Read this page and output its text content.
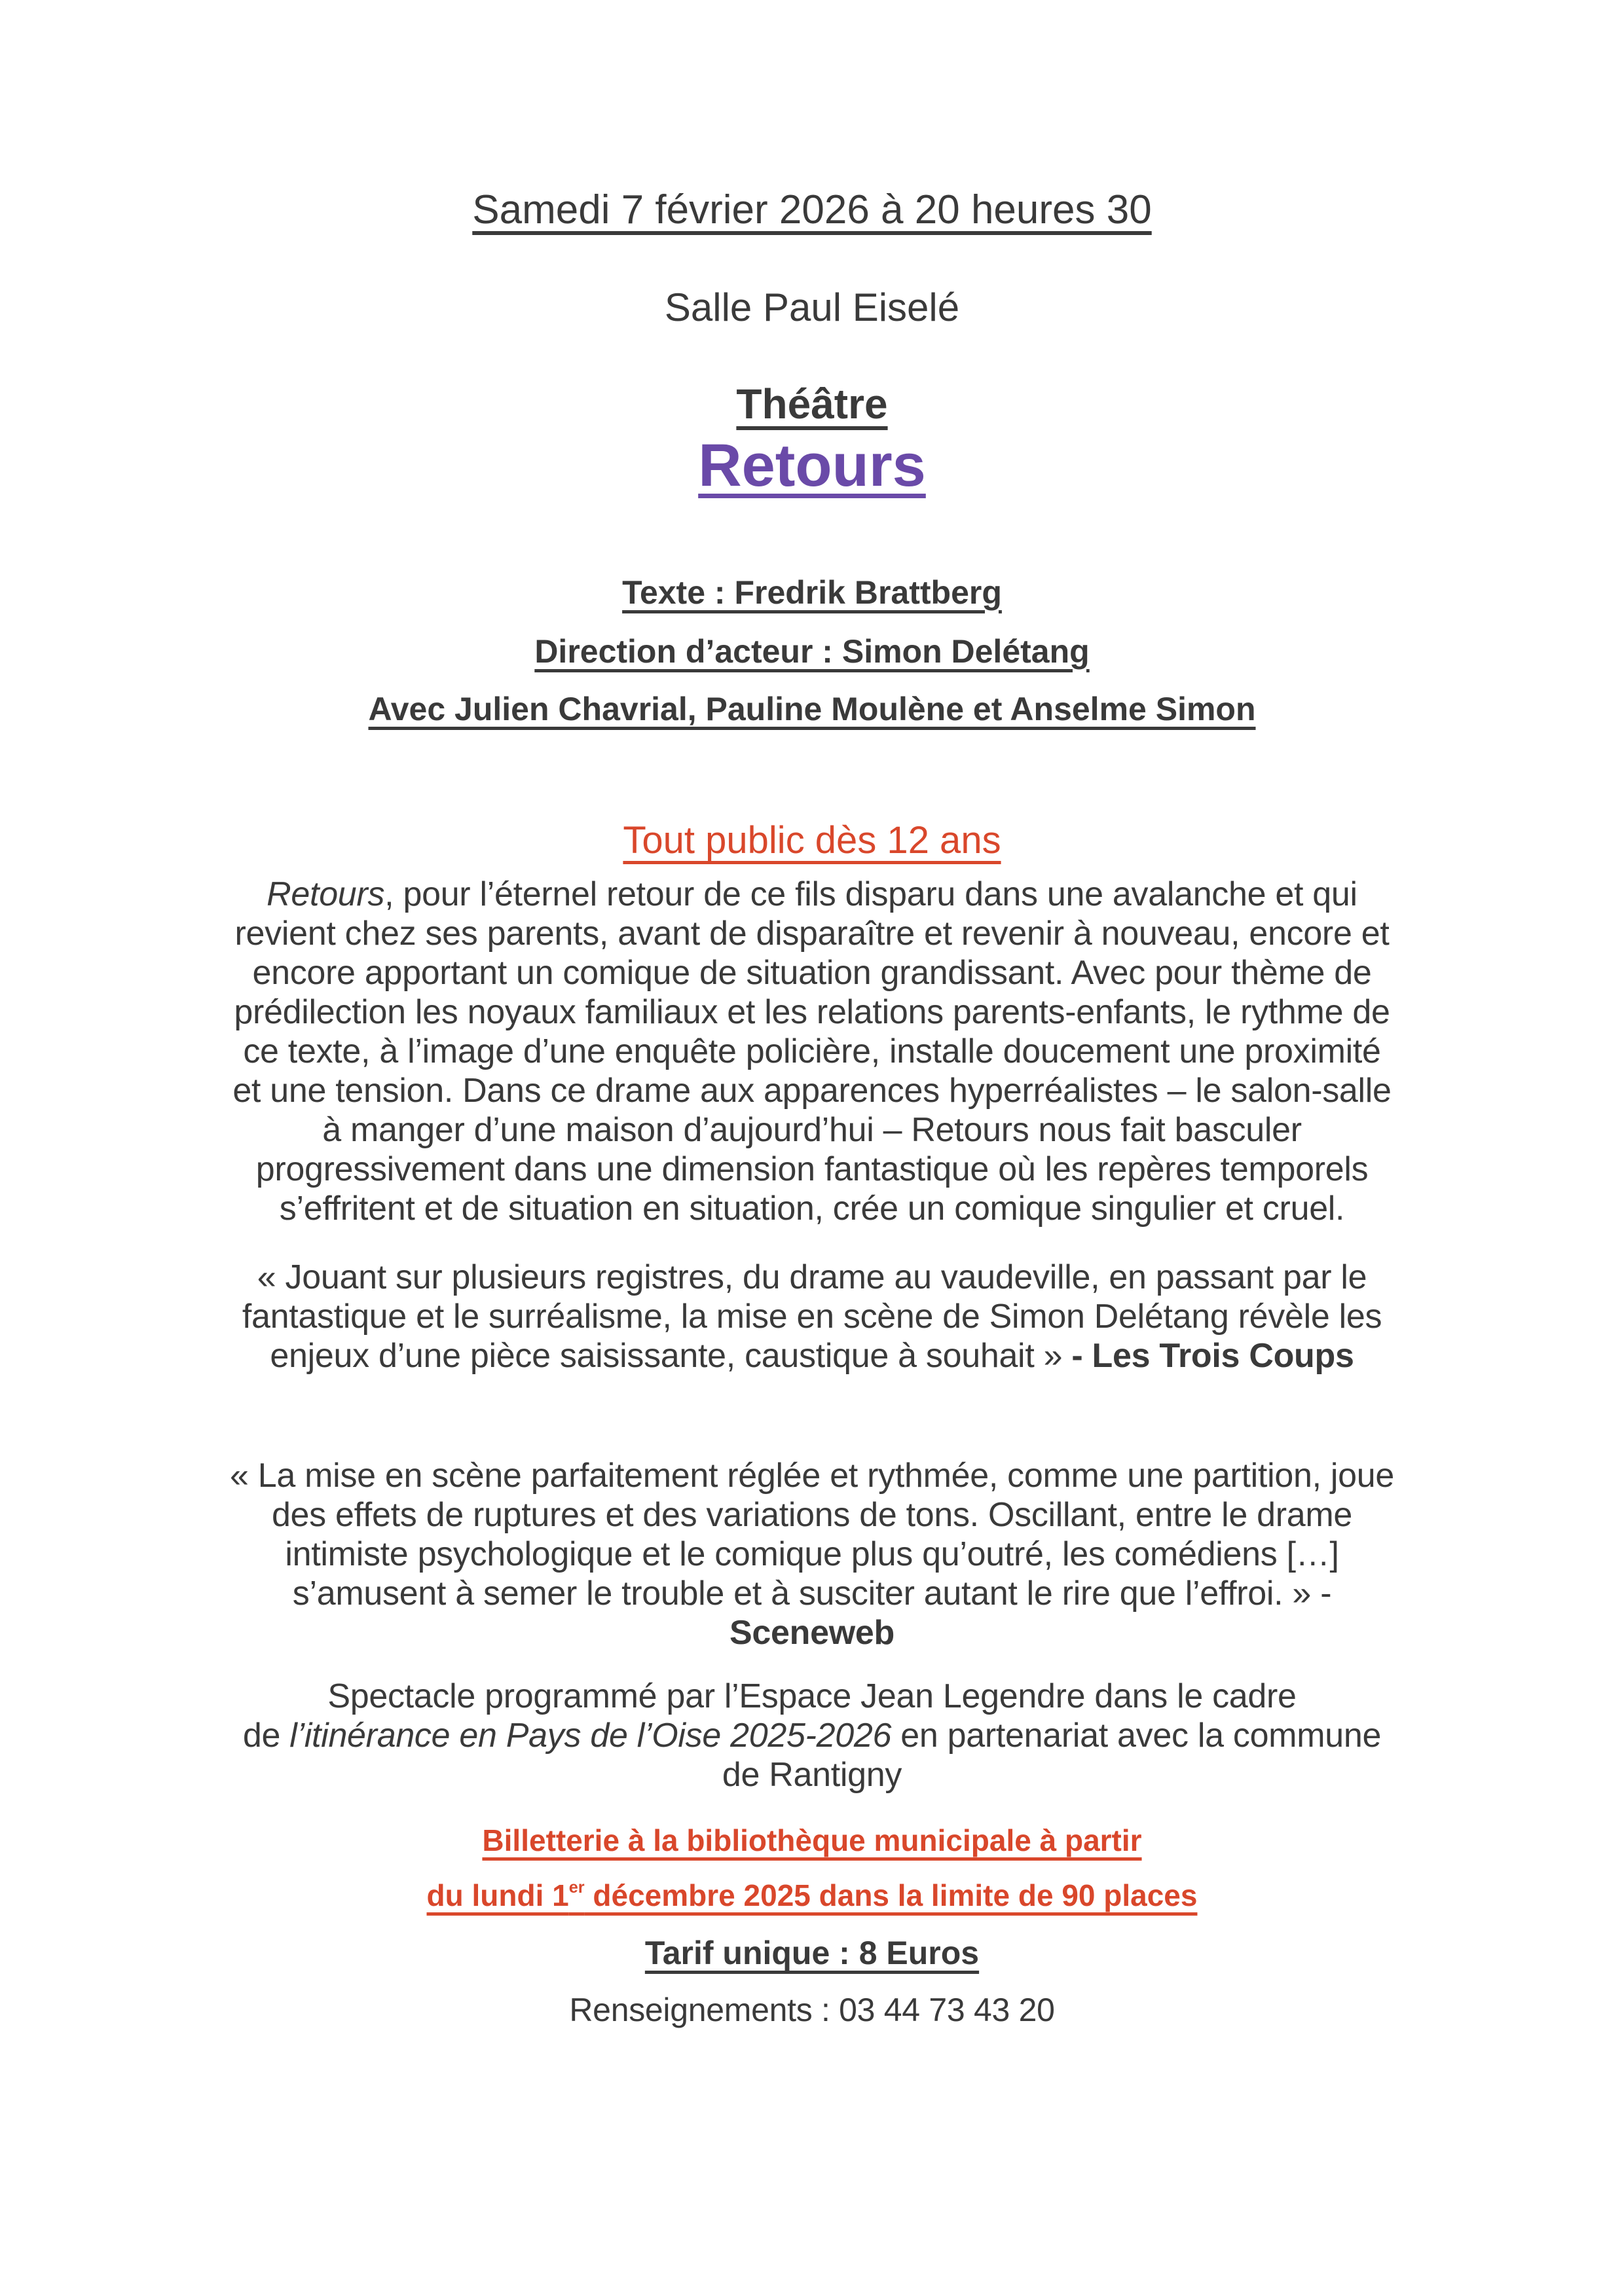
Samedi 7 février 2026 à 20 heures 30
Salle Paul Eiselé
Théâtre
Retours
Texte : Fredrik Brattberg
Direction d’acteur : Simon Delétang
Avec Julien Chavrial, Pauline Moulène et Anselme Simon
Tout public dès 12 ans
Retours, pour l’éternel retour de ce fils disparu dans une avalanche et qui
revient chez ses parents, avant de disparaître et revenir à nouveau, encore et
encore apportant un comique de situation grandissant. Avec pour thème de
prédilection les noyaux familiaux et les relations parents-enfants, le rythme de
ce texte, à l’image d’une enquête policière, installe doucement une proximité
et une tension. Dans ce drame aux apparences hyperréalistes – le salon-salle
à manger d’une maison d’aujourd’hui – Retours nous fait basculer
progressivement dans une dimension fantastique où les repères temporels
s’effritent et de situation en situation, crée un comique singulier et cruel.
« Jouant sur plusieurs registres, du drame au vaudeville, en passant par le
fantastique et le surréalisme, la mise en scène de Simon Delétang révèle les
enjeux d’une pièce saisissante, caustique à souhait » - Les Trois Coups
« La mise en scène parfaitement réglée et rythmée, comme une partition, joue
des effets de ruptures et des variations de tons. Oscillant, entre le drame
intimiste psychologique et le comique plus qu’outré, les comédiens […]
s’amusent à semer le trouble et à susciter autant le rire que l’effroi. » -
Sceneweb
Spectacle programmé par l’Espace Jean Legendre dans le cadre
de l’itinérance en Pays de l’Oise 2025-2026 en partenariat avec la commune
de Rantigny
Billetterie à la bibliothèque municipale à partir
du lundi 1er décembre 2025 dans la limite de 90 places
Tarif unique : 8 Euros
Renseignements : 03 44 73 43 20
